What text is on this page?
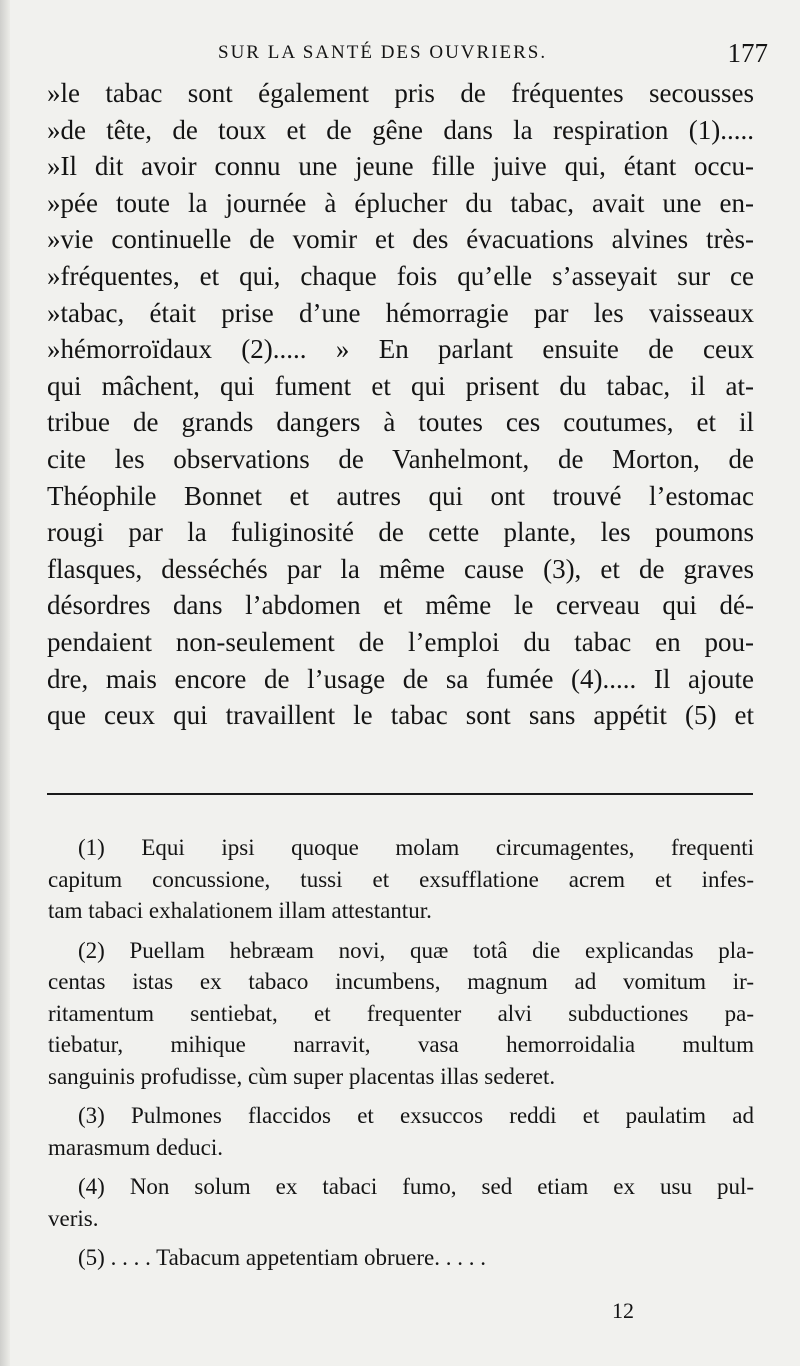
SUR LA SANTÉ DES OUVRIERS.	177
»le tabac sont également pris de fréquentes secousses
»de tête, de toux et de gêne dans la respiration (1).....
»Il dit avoir connu une jeune fille juive qui, étant occu-
»pée toute la journée à éplucher du tabac, avait une en-
»vie continuelle de vomir et des évacuations alvines très-
»fréquentes, et qui, chaque fois qu’elle s’asseyait sur ce
»tabac, était prise d’une hémorragie par les vaisseaux
»hémorroïdaux (2)..... » En parlant ensuite de ceux
qui mâchent, qui fument et qui prisent du tabac, il at-
tribue de grands dangers à toutes ces coutumes, et il
cite les observations de Vanhelmont, de Morton, de
Théophile Bonnet et autres qui ont trouvé l’estomac
rougi par la fuliginosité de cette plante, les poumons
flasques, desséchés par la même cause (3), et de graves
désordres dans l’abdomen et même le cerveau qui dé-
pendaient non-seulement de l’emploi du tabac en pou-
dre, mais encore de l’usage de sa fumée (4)..... Il ajoute
que ceux qui travaillent le tabac sont sans appétit (5) et
(1) Equi ipsi quoque molam circumagentes, frequenti
capitum concussione, tussi et exsufflatione acrem et infes-
tam tabaci exhalationem illam attestantur.
(2) Puellam hebræam novi, quæ totâ die explicandas pla-
centas istas ex tabaco incumbens, magnum ad vomitum ir-
ritamentum sentiebat, et frequenter alvi subductiones pa-
tiebatur, mihique narravit, vasa hemorroidalia multum
sanguinis profudisse, cùm super placentas illas sederet.
(3) Pulmones flaccidos et exsuccos reddi et paulatim ad
marasmum deduci.
(4) Non solum ex tabaci fumo, sed etiam ex usu pul-
veris.
(5) . . . . Tabacum appetentiam obruere. . . . .
12
